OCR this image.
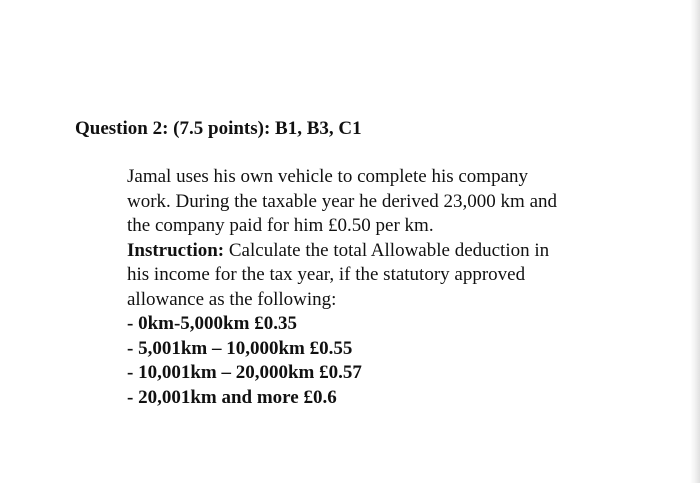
Question 2: (7.5 points): B1, B3, C1
Jamal uses his own vehicle to complete his company
work. During the taxable year he derived 23,000 km and
the company paid for him £0.50 per km.
Instruction: Calculate the total Allowable deduction in
his income for the tax year, if the statutory approved
allowance as the following:
- 0km-5,000km £0.35
- 5,001km – 10,000km £0.55
- 10,001km – 20,000km £0.57
- 20,001km and more £0.6
